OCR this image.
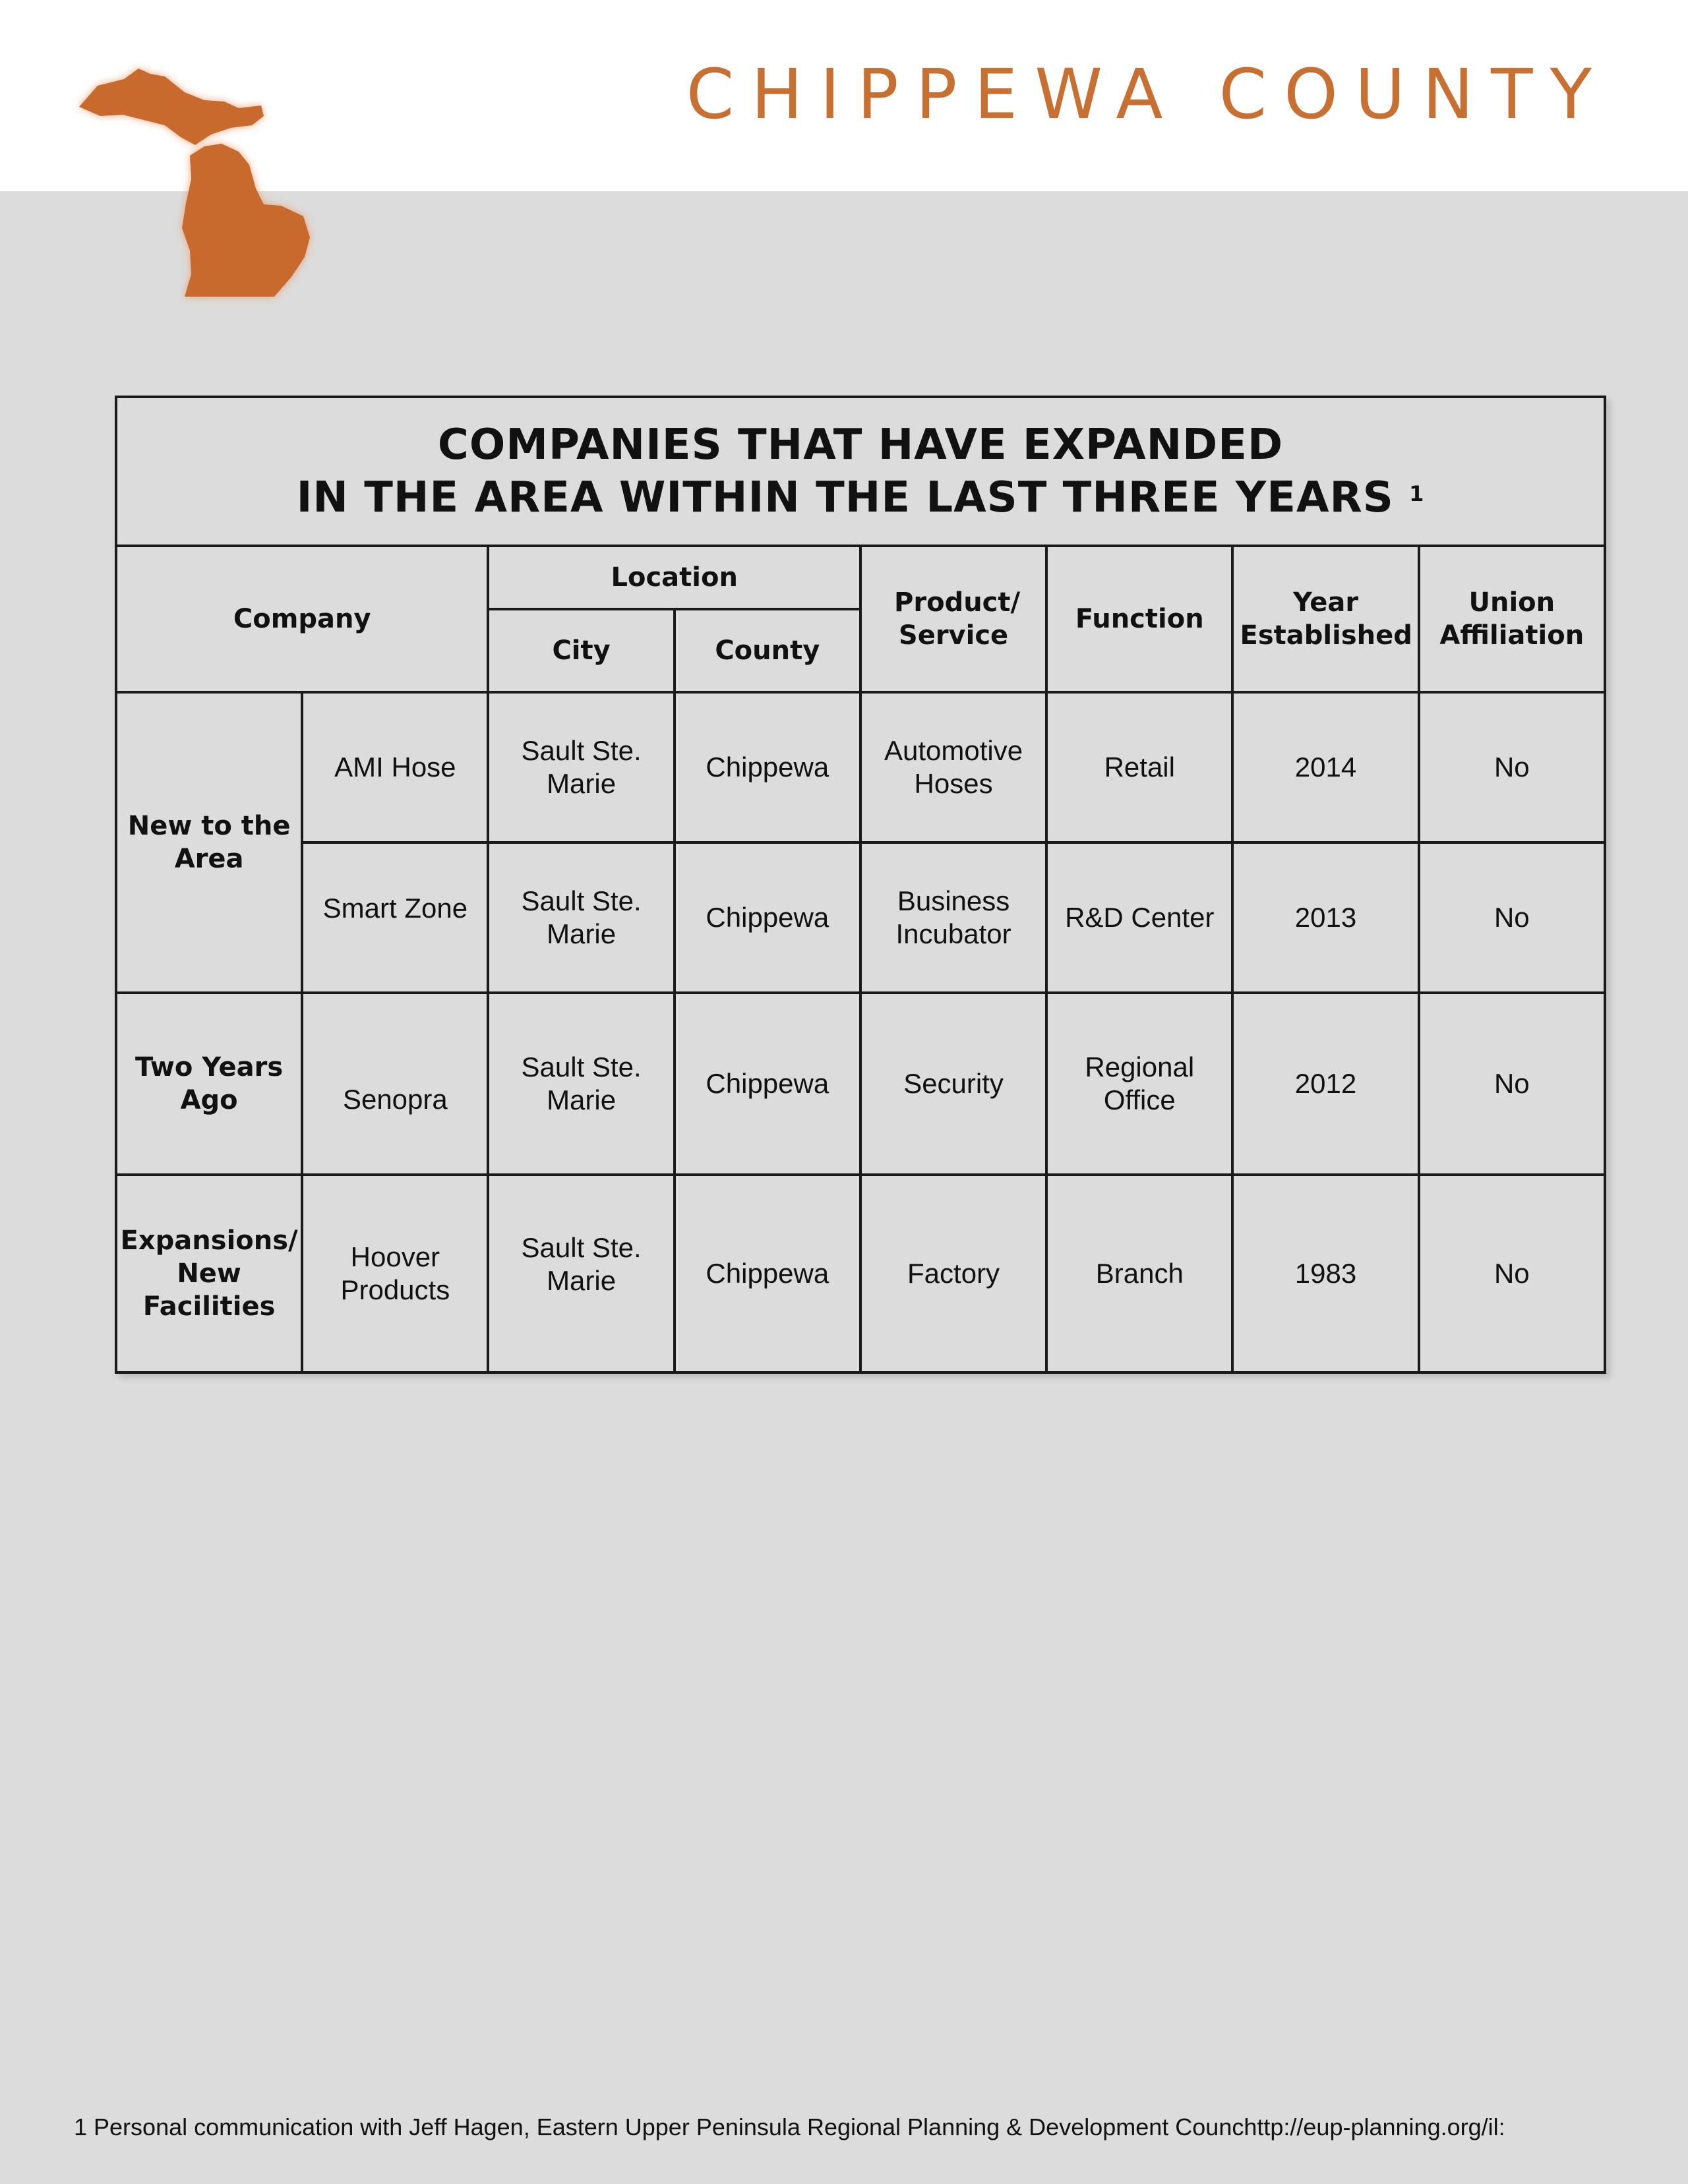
CHIPPEWA COUNTY
COMPANIES THAT HAVE EXPANDED
IN THE AREA WITHIN THE LAST THREE YEARS $^1$
Company		Location		Product/ Service	Function	Year Established	Union Affiliation
		City	County				
New to the Area	AMI Hose	Sault Ste. Marie	Chippewa	Automotive Hoses	Retail	2014	No
	Smart Zone	Sault Ste. Marie	Chippewa	Business Incubator	R&D Center	2013	No
Two Years Ago	Senopra	Sault Ste. Marie	Chippewa	Security	Regional Office	2012	No
Expansions/ New Facilities	Hoover Products	Sault Ste. Marie	Chippewa	Factory	Branch	1983	No
1 Personal communication with Jeff Hagen, Eastern Upper Peninsula Regional Planning & Development Counchttp://eup-planning.org/il:
